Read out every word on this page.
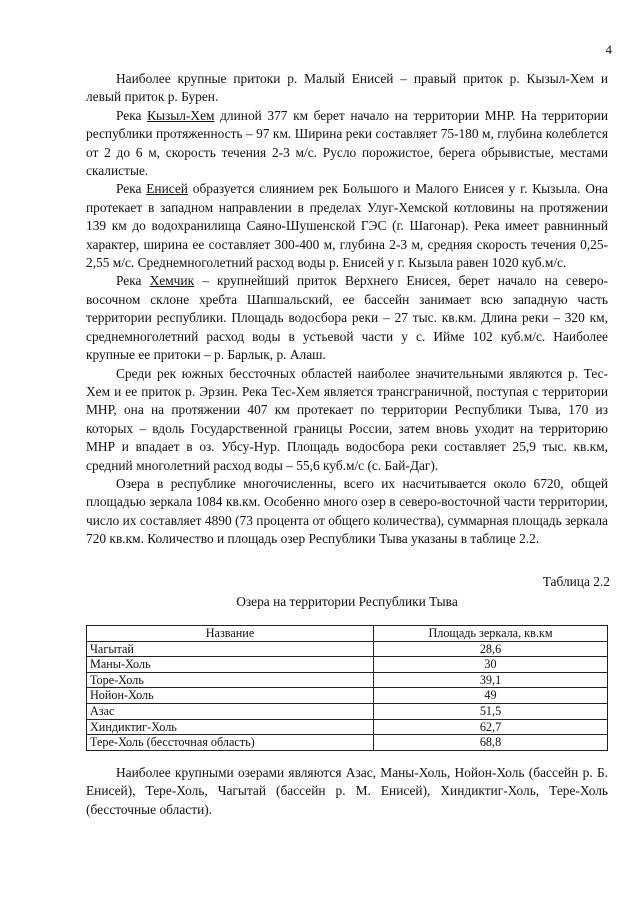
4

Наиболее крупные притоки р. Малый Енисей – правый приток р. Кызыл-Хем и левый приток р. Бурен.

Река Кызыл-Хем длиной 377 км берет начало на территории МНР. На территории республики протяженность – 97 км. Ширина реки составляет 75-180 м, глубина колеблется от 2 до 6 м, скорость течения 2-3 м/с. Русло порожистое, берега обрывистые, местами скалистые.

Река Енисей образуется слиянием рек Большого и Малого Енисея у г. Кызыла. Она протекает в западном направлении в пределах Улуг-Хемской котловины на протяжении 139 км до водохранилища Саяно-Шушенской ГЭС (г. Шагонар). Река имеет равнинный характер, ширина ее составляет 300-400 м, глубина 2-3 м, средняя скорость течения 0,25-2,55 м/с. Среднемноголетний расход воды р. Енисей у г. Кызыла равен 1020 куб.м/с.

Река Хемчик – крупнейший приток Верхнего Енисея, берет начало на северо-восочном склоне хребта Шапшальский, ее бассейн занимает всю западную часть территории республики. Площадь водосбора реки – 27 тыс. кв.км. Длина реки – 320 км, среднемноголетний расход воды в устьевой части у с. Ийме 102 куб.м/с. Наиболее крупные ее притоки – р. Барлык, р. Алаш.

Среди рек южных бессточных областей наиболее значительными являются р. Тес-Хем и ее приток р. Эрзин. Река Тес-Хем является трансграничной, поступая с территории МНР, она на протяжении 407 км протекает по территории Республики Тыва, 170 из которых – вдоль Государственной границы России, затем вновь уходит на территорию МНР и впадает в оз. Убсу-Нур. Площадь водосбора реки составляет 25,9 тыс. кв.км, средний многолетний расход воды – 55,6 куб.м/с (с. Бай-Даг).

Озера в республике многочисленны, всего их насчитывается около 6720, общей площадью зеркала 1084 кв.км. Особенно много озер в северо-восточной части территории, число их составляет 4890 (73 процента от общего количества), суммарная площадь зеркала 720 кв.км. Количество и площадь озер Республики Тыва указаны в таблице 2.2.

Таблица 2.2
Озера на территории Республики Тыва
Название	Площадь зеркала, кв.км
Чагытай	28,6
Маны-Холь	30
Торе-Холь	39,1
Нойон-Холь	49
Азас	51,5
Хиндиктиг-Холь	62,7
Тере-Холь (бессточная область)	68,8

Наиболее крупными озерами являются Азас, Маны-Холь, Нойон-Холь (бассейн р. Б. Енисей), Тере-Холь, Чагытай (бассейн р. М. Енисей), Хиндиктиг-Холь, Тере-Холь (бессточные области).
